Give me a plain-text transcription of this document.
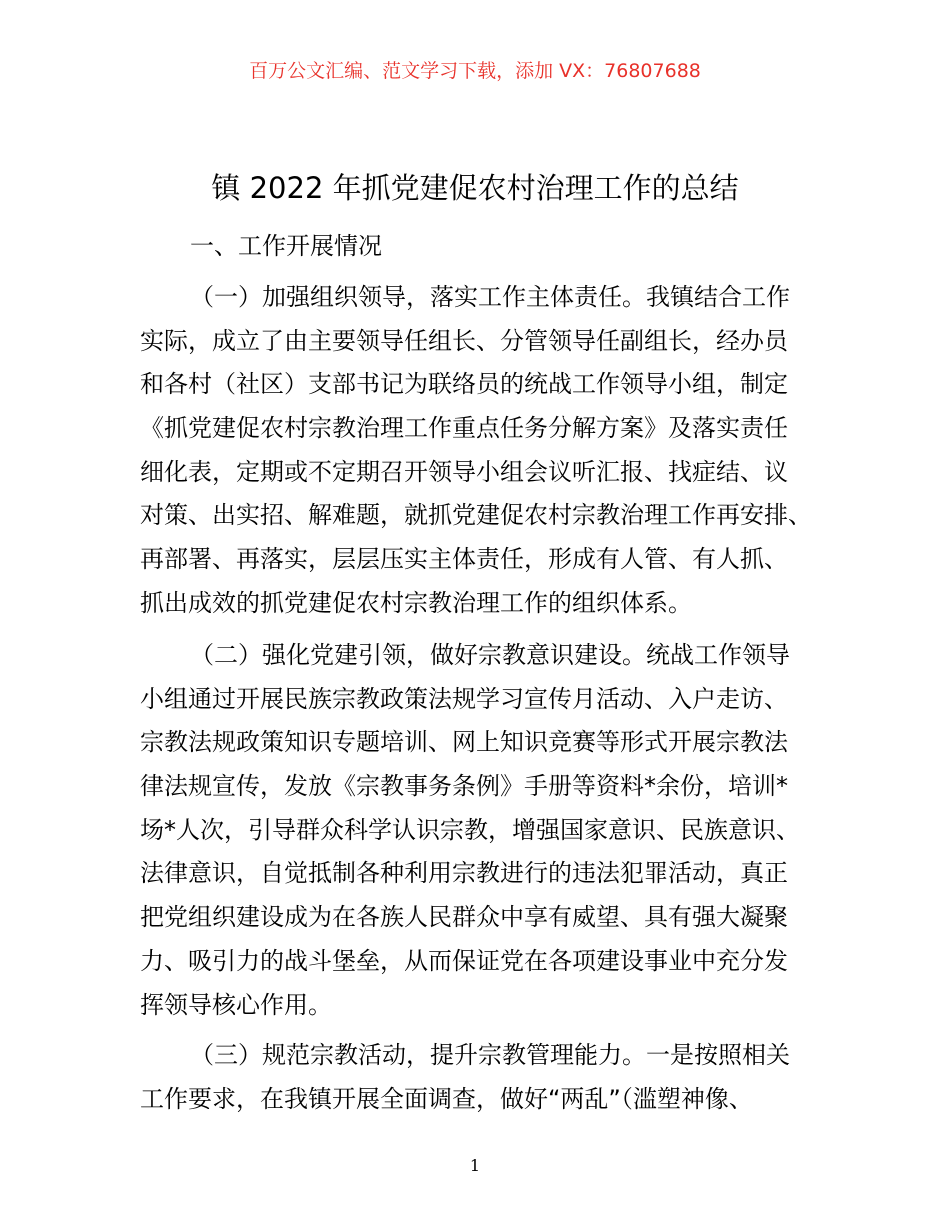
百万公文汇编、范文学习下载，添加 VX：76807688
镇 2022 年抓党建促农村治理工作的总结
一、工作开展情况
（一）加强组织领导，落实工作主体责任。我镇结合工作
实际，成立了由主要领导任组长、分管领导任副组长，经办员
和各村（社区）支部书记为联络员的统战工作领导小组，制定
《抓党建促农村宗教治理工作重点任务分解方案》及落实责任
细化表，定期或不定期召开领导小组会议听汇报、找症结、议
对策、出实招、解难题，就抓党建促农村宗教治理工作再安排、
再部署、再落实，层层压实主体责任，形成有人管、有人抓、
抓出成效的抓党建促农村宗教治理工作的组织体系。
（二）强化党建引领，做好宗教意识建设。统战工作领导
小组通过开展民族宗教政策法规学习宣传月活动、入户走访、
宗教法规政策知识专题培训、网上知识竞赛等形式开展宗教法
律法规宣传，发放《宗教事务条例》手册等资料*余份，培训*
场*人次，引导群众科学认识宗教，增强国家意识、民族意识、
法律意识，自觉抵制各种利用宗教进行的违法犯罪活动，真正
把党组织建设成为在各族人民群众中享有威望、具有强大凝聚
力、吸引力的战斗堡垒，从而保证党在各项建设事业中充分发
挥领导核心作用。
（三）规范宗教活动，提升宗教管理能力。一是按照相关
工作要求，在我镇开展全面调查，做好“两乱”（滥塑神像、
1
